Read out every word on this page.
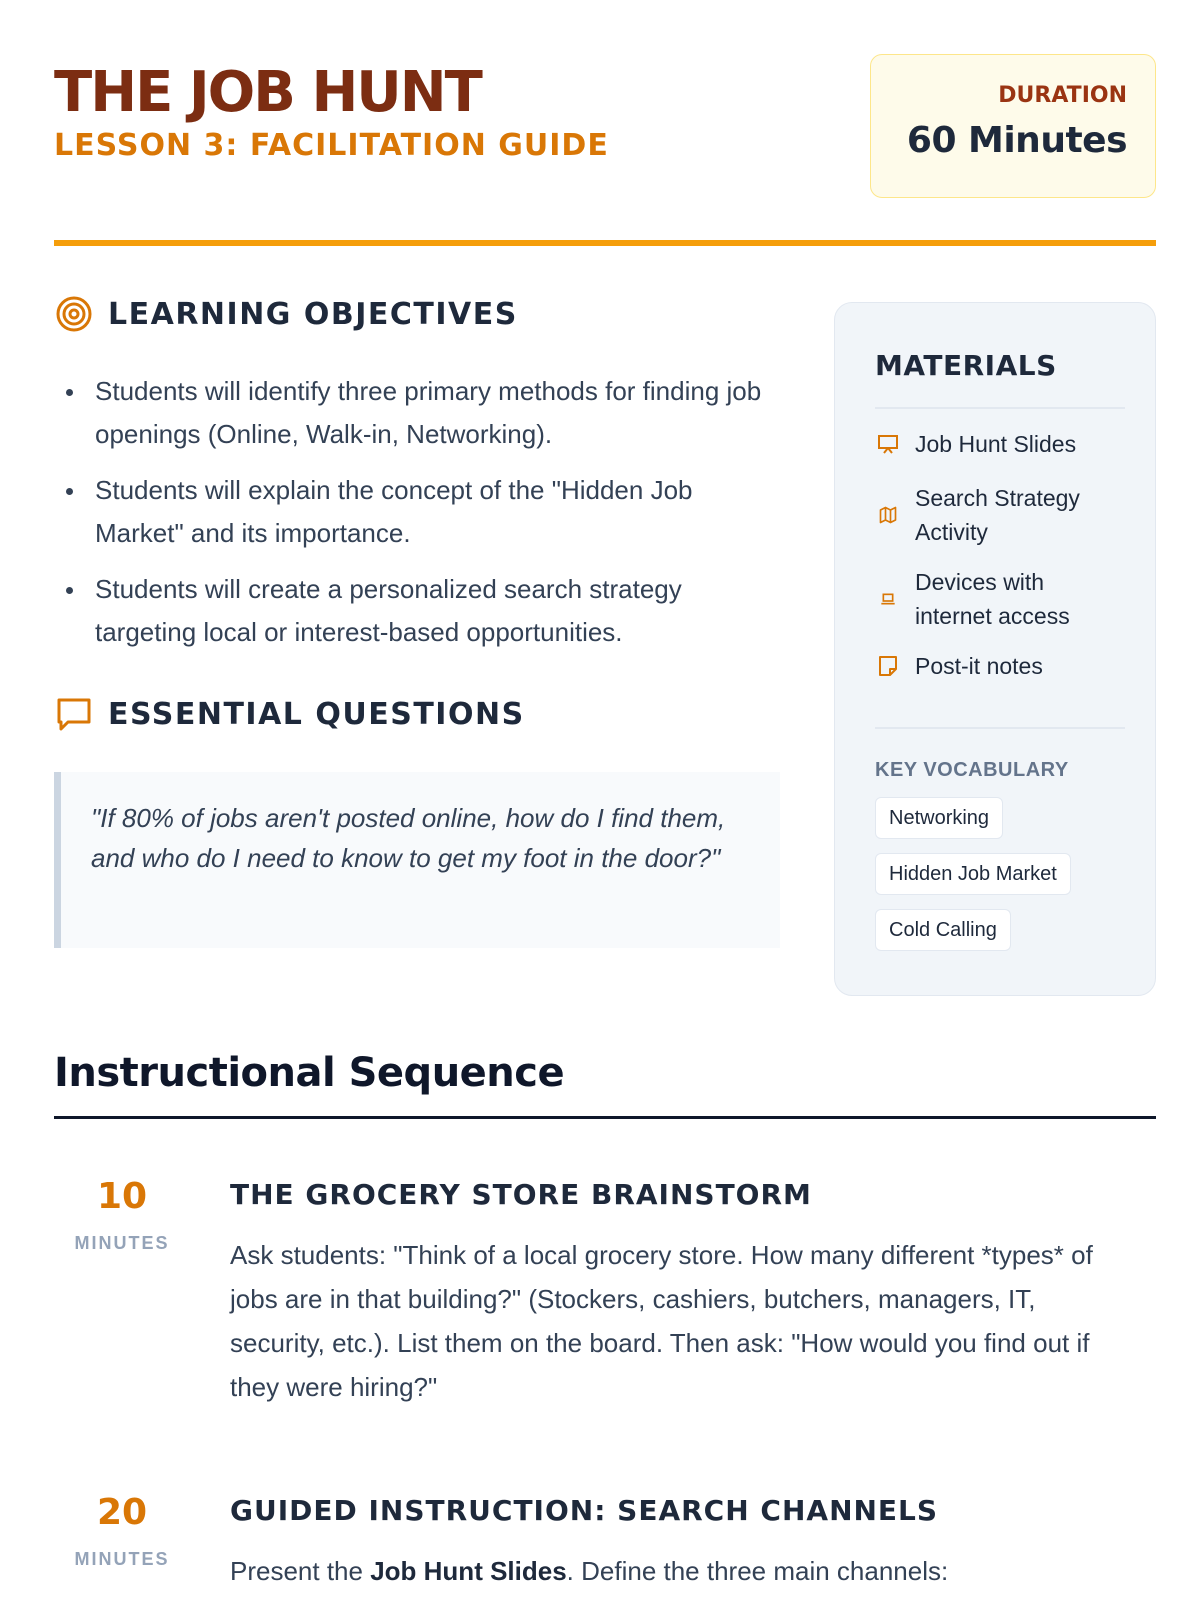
THE JOB HUNT
LESSON 3: FACILITATION GUIDE
DURATION
60 Minutes
LEARNING OBJECTIVES
Students will identify three primary methods for finding job openings (Online, Walk-in, Networking).
Students will explain the concept of the "Hidden Job Market" and its importance.
Students will create a personalized search strategy targeting local or interest-based opportunities.
ESSENTIAL QUESTIONS
"If 80% of jobs aren't posted online, how do I find them, and who do I need to know to get my foot in the door?"
MATERIALS
Job Hunt Slides
Search Strategy Activity
Devices with internet access
Post-it notes
KEY VOCABULARY
Networking
Hidden Job Market
Cold Calling
Instructional Sequence
10
MINUTES
THE GROCERY STORE BRAINSTORM
Ask students: "Think of a local grocery store. How many different *types* of jobs are in that building?" (Stockers, cashiers, butchers, managers, IT, security, etc.). List them on the board. Then ask: "How would you find out if they were hiring?"
20
MINUTES
GUIDED INSTRUCTION: SEARCH CHANNELS
Present the Job Hunt Slides. Define the three main channels:
